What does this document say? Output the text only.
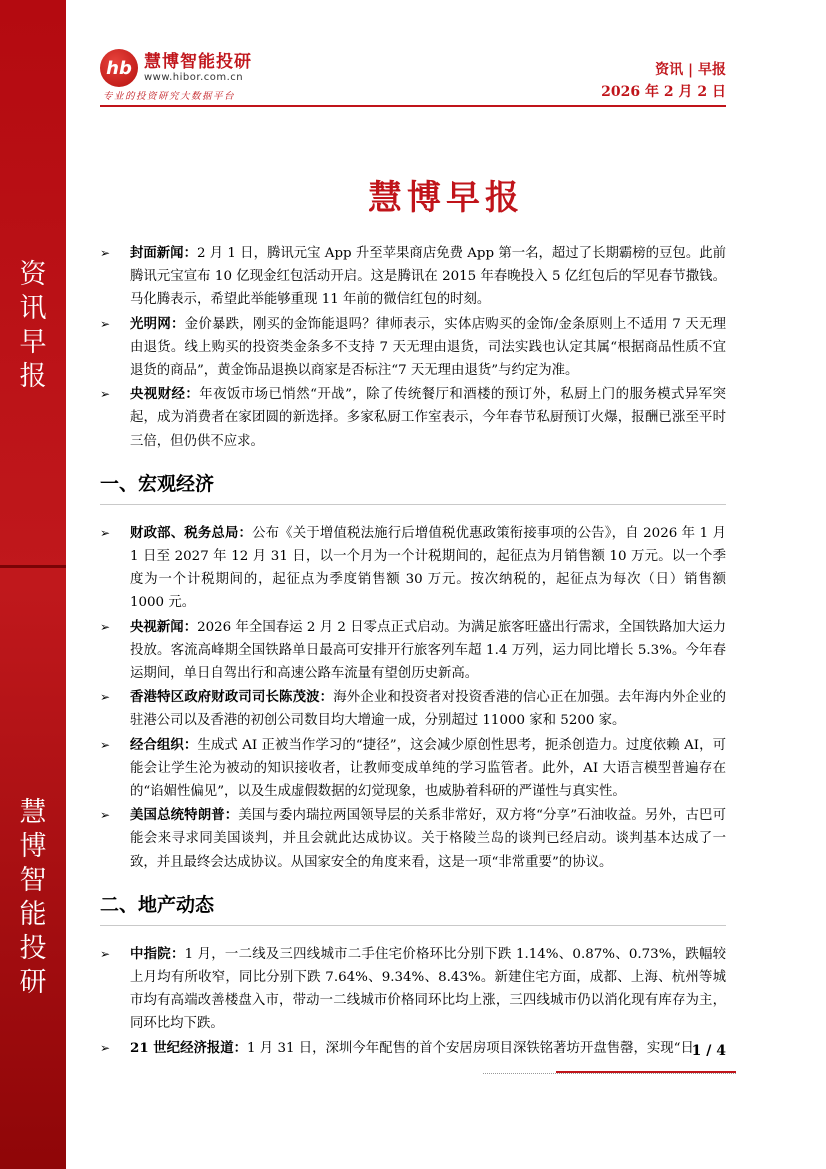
资
讯
早
报
慧
博
智
能
投
研
hb 慧博智能投研
www.hibor.com.cn
专业的投资研究大数据平台
资讯 | 早报
2026 年 2 月 2 日
慧博早报
➢ 封面新闻：2 月 1 日，腾讯元宝 App 升至苹果商店免费 App 第一名，超过了长期霸榜的豆包。此前腾讯元宝宣布 10 亿现金红包活动开启。这是腾讯在 2015 年春晚投入 5 亿红包后的罕见春节撒钱。马化腾表示，希望此举能够重现 11 年前的微信红包的时刻。
➢ 光明网：金价暴跌，刚买的金饰能退吗？律师表示，实体店购买的金饰/金条原则上不适用 7 天无理由退货。线上购买的投资类金条多不支持 7 天无理由退货，司法实践也认定其属“根据商品性质不宜退货的商品”，黄金饰品退换以商家是否标注“7 天无理由退货”与约定为准。
➢ 央视财经：年夜饭市场已悄然“开战”，除了传统餐厅和酒楼的预订外，私厨上门的服务模式异军突起，成为消费者在家团圆的新选择。多家私厨工作室表示，今年春节私厨预订火爆，报酬已涨至平时三倍，但仍供不应求。
一、宏观经济
➢ 财政部、税务总局：公布《关于增值税法施行后增值税优惠政策衔接事项的公告》，自 2026 年 1 月 1 日至 2027 年 12 月 31 日，以一个月为一个计税期间的，起征点为月销售额 10 万元。以一个季度为一个计税期间的，起征点为季度销售额 30 万元。按次纳税的，起征点为每次（日）销售额 1000 元。
➢ 央视新闻：2026 年全国春运 2 月 2 日零点正式启动。为满足旅客旺盛出行需求，全国铁路加大运力投放。客流高峰期全国铁路单日最高可安排开行旅客列车超 1.4 万列，运力同比增长 5.3%。今年春运期间，单日自驾出行和高速公路车流量有望创历史新高。
➢ 香港特区政府财政司司长陈茂波：海外企业和投资者对投资香港的信心正在加强。去年海内外企业的驻港公司以及香港的初创公司数目均大增逾一成，分别超过 11000 家和 5200 家。
➢ 经合组织：生成式 AI 正被当作学习的“捷径”，这会减少原创性思考，扼杀创造力。过度依赖 AI，可能会让学生沦为被动的知识接收者，让教师变成单纯的学习监管者。此外，AI 大语言模型普遍存在的“谄媚性偏见”，以及生成虚假数据的幻觉现象，也威胁着科研的严谨性与真实性。
➢ 美国总统特朗普：美国与委内瑞拉两国领导层的关系非常好，双方将“分享”石油收益。另外，古巴可能会来寻求同美国谈判，并且会就此达成协议。关于格陵兰岛的谈判已经启动。谈判基本达成了一致，并且最终会达成协议。从国家安全的角度来看，这是一项“非常重要”的协议。
二、地产动态
➢ 中指院：1 月，一二线及三四线城市二手住宅价格环比分别下跌 1.14%、0.87%、0.73%，跌幅较上月均有所收窄，同比分别下跌 7.64%、9.34%、8.43%。新建住宅方面，成都、上海、杭州等城市均有高端改善楼盘入市，带动一二线城市价格同环比均上涨，三四线城市仍以消化现有库存为主，同环比均下跌。
➢ 21 世纪经济报道：1 月 31 日，深圳今年配售的首个安居房项目深铁铭著坊开盘售罄，实现“日
1 / 4
